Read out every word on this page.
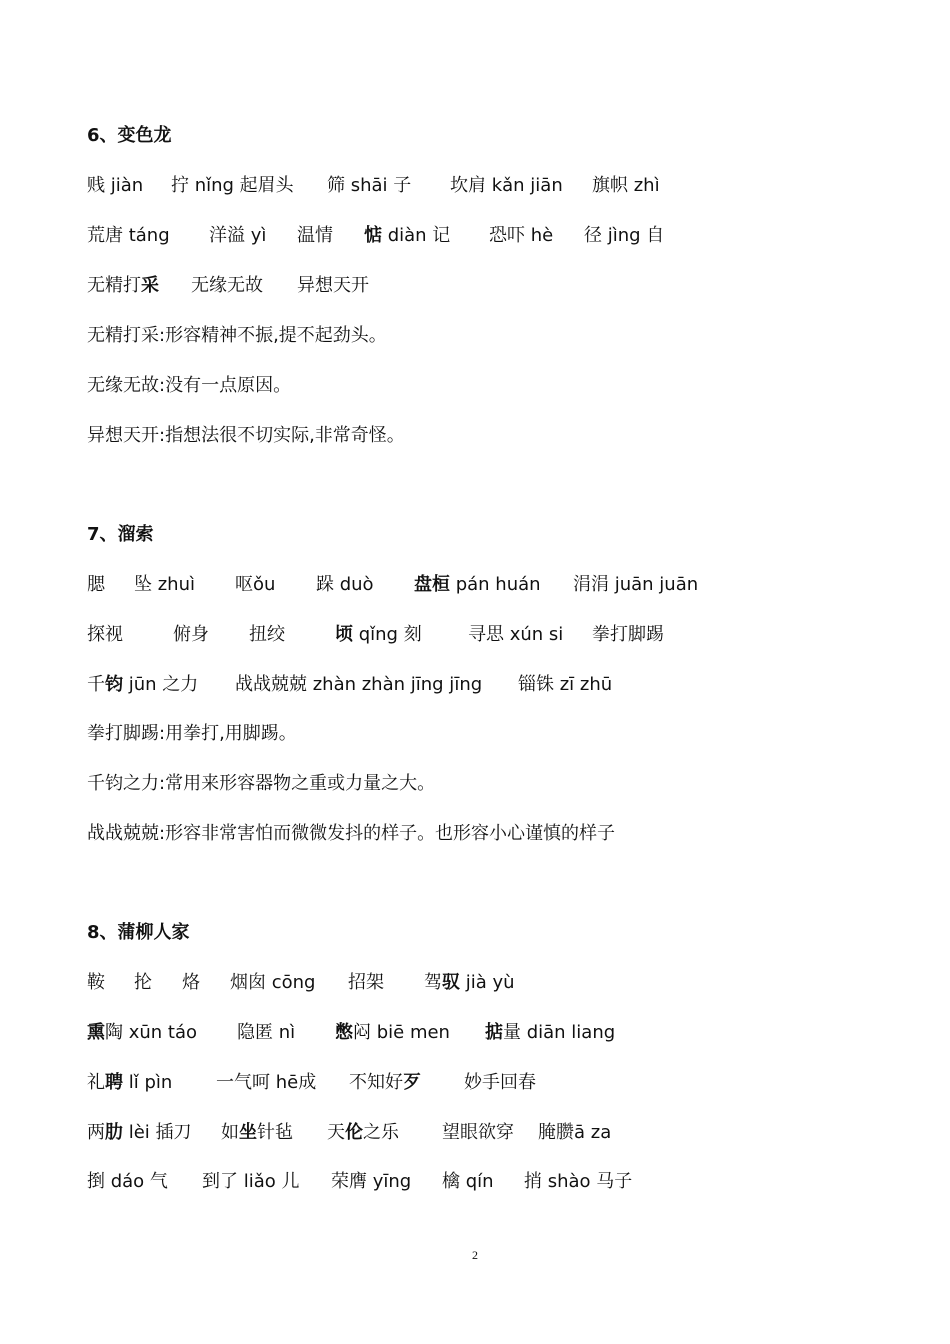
6、变色龙
贱 jiàn 拧 nǐng 起眉头 筛 shāi 子 坎肩 kǎn jiān 旗帜 zhì
荒唐 táng 洋溢 yì 温情 惦 diàn 记 恐吓 hè 径 jìng 自
无精打采 无缘无故 异想天开
无精打采:形容精神不振,提不起劲头。
无缘无故:没有一点原因。
异想天开:指想法很不切实际,非常奇怪。
7、溜索
腮 坠 zhuì 呕ǒu 跺 duò 盘桓 pán huán 涓涓 juān juān
探视	俯身 扭绞	顷 qǐng 刻	寻思 xún si 拳打脚踢
千钧 jūn 之力 战战兢兢 zhàn zhàn jīng jīng 锱铢 zī zhū
拳打脚踢:用拳打,用脚踢。
千钧之力:常用来形容器物之重或力量之大。
战战兢兢:形容非常害怕而微微发抖的样子。也形容小心谨慎的样子
8、蒲柳人家
鞍 抡 烙 烟囱 cōng 招架 驾驭 jià yù
熏陶 xūn táo 隐匿 nì 憋闷 biē men 掂量 diān liang
礼聘 lǐ pìn 一气呵 hē成 不知好歹 妙手回春
两肋 lèi 插刀 如坐针毡 天伦之乐 望眼欲穿 腌臜ā za
捯 dáo 气 到了 liǎo 儿 荣膺 yīng 檎 qín 捎 shào 马子
2
